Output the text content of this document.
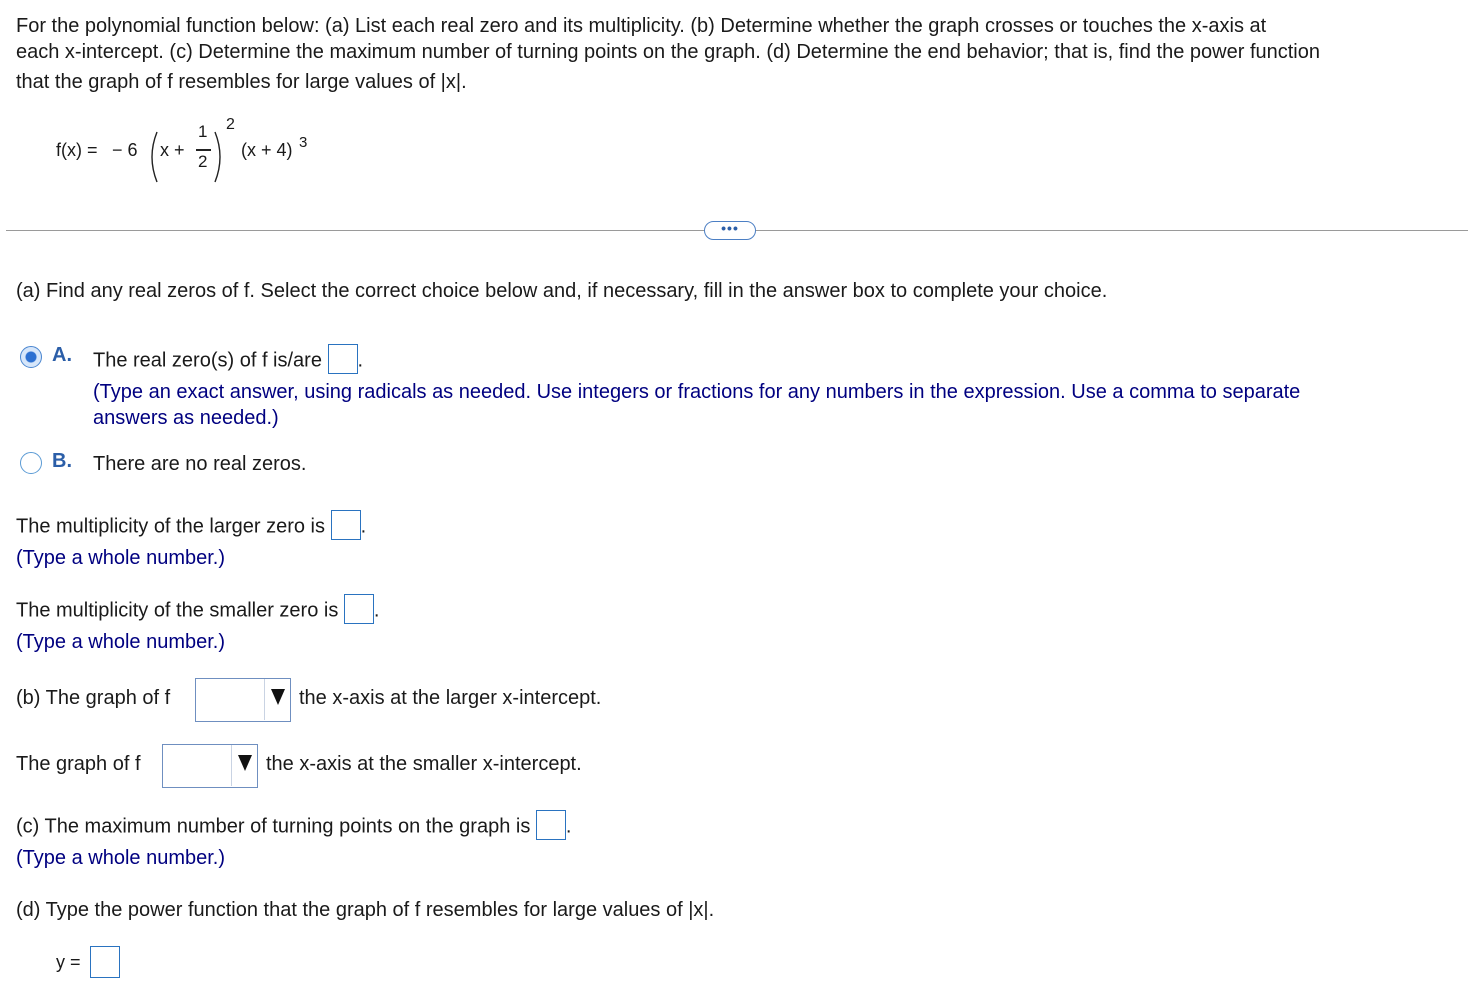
For the polynomial function below: (a) List each real zero and its multiplicity. (b) Determine whether the graph crosses or touches the x-axis at
each x-intercept. (c) Determine the maximum number of turning points on the graph. (d) Determine the end behavior; that is, find the power function
that the graph of f resembles for large values of |x|.
f(x) = − 6 x +
1
2
2
(x + 4) 3
•••
(a) Find any real zeros of f. Select the correct choice below and, if necessary, fill in the answer box to complete your choice.
A. The real zero(s) of f is/are .
(Type an exact answer, using radicals as needed. Use integers or fractions for any numbers in the expression. Use a comma to separate
answers as needed.)
B. There are no real zeros.
The multiplicity of the larger zero is .
(Type a whole number.)
The multiplicity of the smaller zero is .
(Type a whole number.)
(b) The graph of f	the x-axis at the larger x-intercept.
The graph of f	the x-axis at the smaller x-intercept.
(c) The maximum number of turning points on the graph is .
(Type a whole number.)
(d) Type the power function that the graph of f resembles for large values of |x|.
y =
